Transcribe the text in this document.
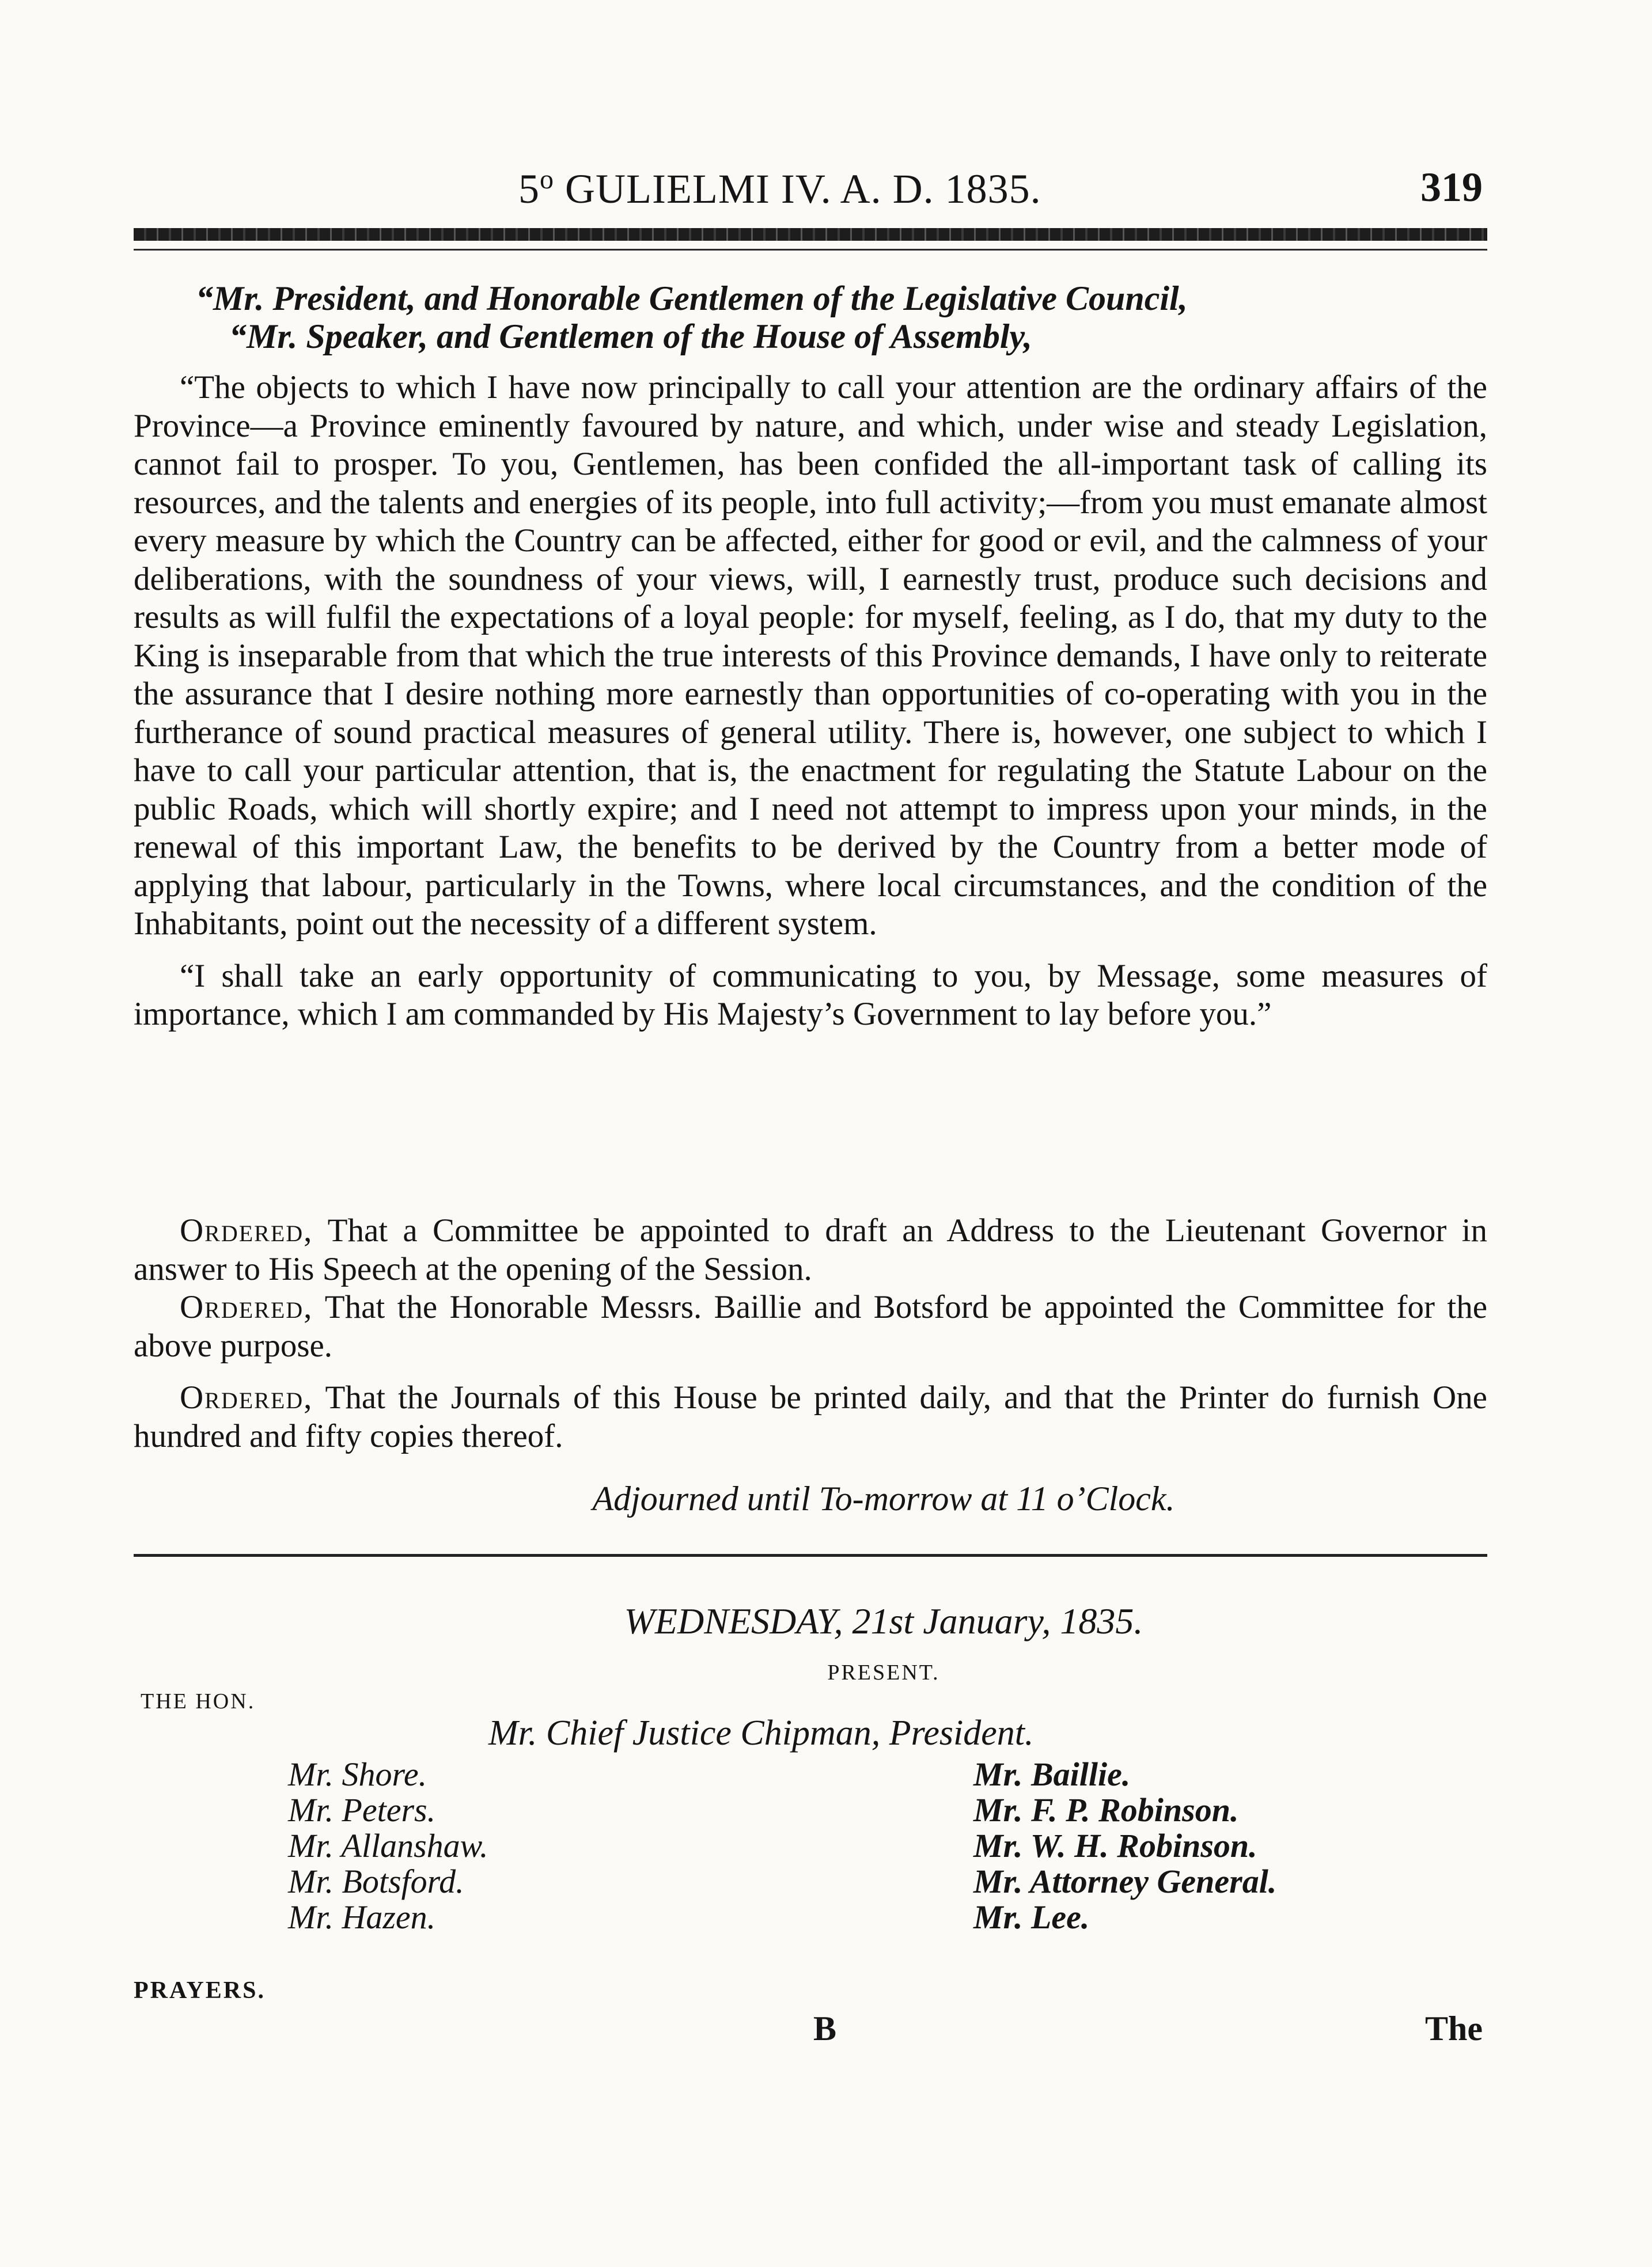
5$^o$ GULIELMI IV. A. D. 1835.	319
“Mr. President, and Honorable Gentlemen of the Legislative Council,
“Mr. Speaker, and Gentlemen of the House of Assembly,

“The objects to which I have now principally to call your attention are the ordinary affairs of the Province—a Province eminently favoured by nature, and which, under wise and steady Legislation, cannot fail to prosper. To you, Gentlemen, has been confided the all-important task of calling its resources, and the talents and energies of its people, into full activity;—from you must emanate almost every measure by which the Country can be affected, either for good or evil, and the calmness of your deliberations, with the soundness of your views, will, I earnestly trust, produce such decisions and results as will fulfil the expectations of a loyal people: for myself, feeling, as I do, that my duty to the King is inseparable from that which the true interests of this Province demands, I have only to reiterate the assurance that I desire nothing more earnestly than opportunities of co-operating with you in the furtherance of sound practical measures of general utility. There is, however, one subject to which I have to call your particular attention, that is, the enactment for regulating the Statute Labour on the public Roads, which will shortly expire; and I need not attempt to impress upon your minds, in the renewal of this important Law, the benefits to be derived by the Country from a better mode of applying that labour, particularly in the Towns, where local circumstances, and the condition of the Inhabitants, point out the necessity of a different system.

“I shall take an early opportunity of communicating to you, by Message, some measures of importance, which I am commanded by His Majesty’s Government to lay before you.”

Ordered, That a Committee be appointed to draft an Address to the Lieutenant Governor in answer to His Speech at the opening of the Session.

Ordered, That the Honorable Messrs. Baillie and Botsford be appointed the Committee for the above purpose.

Ordered, That the Journals of this House be printed daily, and that the Printer do furnish One hundred and fifty copies thereof.

Adjourned until To-morrow at 11 o’Clock.
WEDNESDAY, 21st January, 1835.
PRESENT.
THE HON.
Mr. Chief Justice Chipman, President.
Mr. Shore.
Mr. Peters.
Mr. Allanshaw.
Mr. Botsford.
Mr. Hazen.
Mr. Baillie.
Mr. F. P. Robinson.
Mr. W. H. Robinson.
Mr. Attorney General.
Mr. Lee.
PRAYERS.
B	The
